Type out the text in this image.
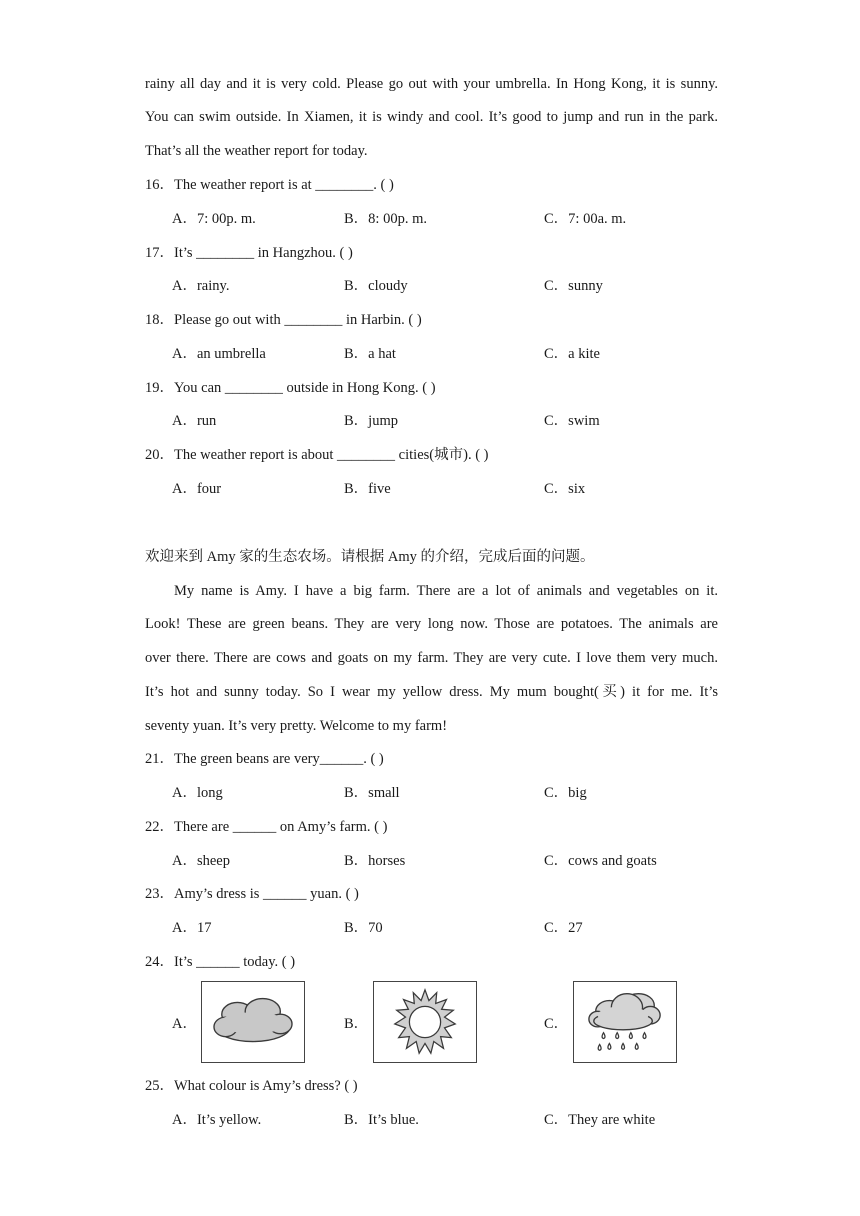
rainy all day and it is very cold. Please go out with your umbrella. In Hong Kong, it is sunny.
You can swim outside. In Xiamen, it is windy and cool. It’s good to jump and run in the park.
That’s all the weather report for today.
16．The weather report is at ________. ( )
A．7: 00p. m.	B．8: 00p. m.	C．7: 00a. m.
17．It’s ________ in Hangzhou. ( )
A．rainy.	B．cloudy	C．sunny
18．Please go out with ________ in Harbin. ( )
A．an umbrella	B．a hat	C．a kite
19．You can ________ outside in Hong Kong. ( )
A．run	B．jump	C．swim
20．The weather report is about ________ cities(城市). ( )
A．four	B．five	C．six
欢迎来到 Amy 家的生态农场。请根据 Amy 的介绍，完成后面的问题。
My name is Amy. I have a big farm. There are a lot of animals and vegetables on it.
Look! These are green beans. They are very long now. Those are potatoes. The animals are
over there. There are cows and goats on my farm. They are very cute. I love them very much.
It’s hot and sunny today. So I wear my yellow dress. My mum bought(买) it for me. It’s
seventy yuan. It’s very pretty. Welcome to my farm!
21．The green beans are very______. ( )
A．long	B．small	C．big
22．There are ______ on Amy’s farm. ( )
A．sheep	B．horses	C．cows and goats
23．Amy’s dress is ______ yuan. ( )
A．17	B．70	C．27
24．It’s ______ today. ( )
A．	B．	C．
25．What colour is Amy’s dress? ( )
A．It’s yellow.	B．It’s blue.	C．They are white
